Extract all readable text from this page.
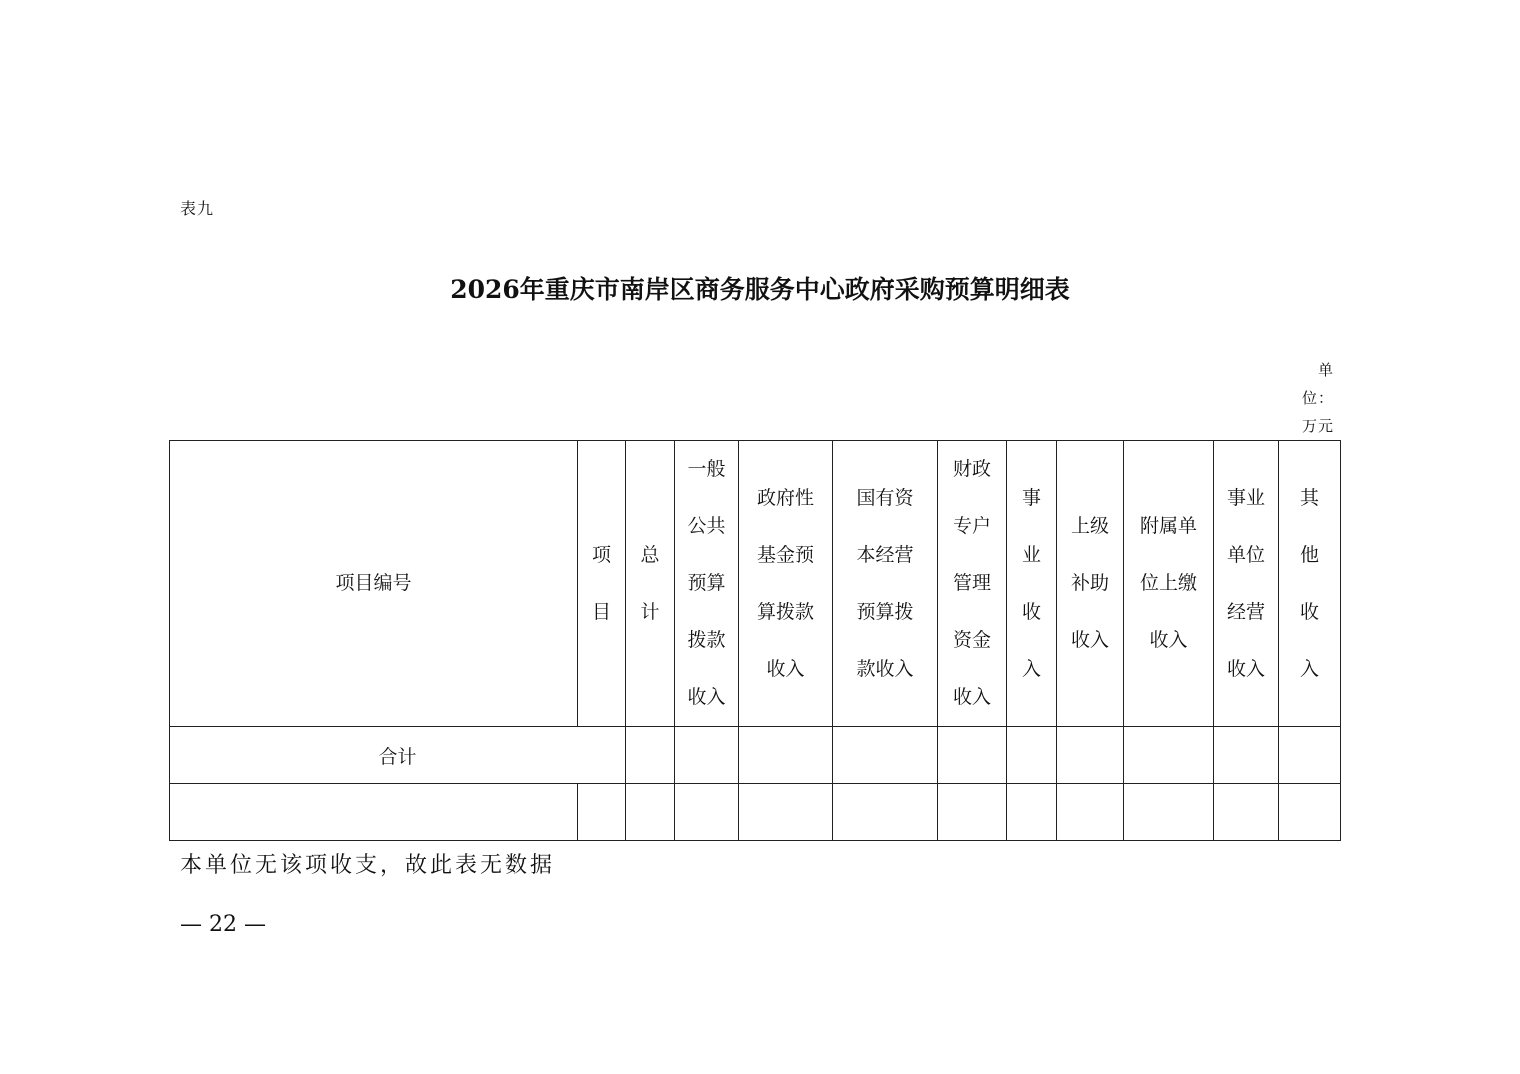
表九
2026年重庆市南岸区商务服务中心政府采购预算明细表
单位：万元
项目编号	项目	总计	一般公共预算拨款收入	政府性基金预算拨款收入	国有资本经营预算拨款收入	财政专户管理资金收入	事业收入	上级补助收入	附属单位上缴收入	事业单位经营收入	其他收入
合计											

本单位无该项收支，故此表无数据
— 22 —
